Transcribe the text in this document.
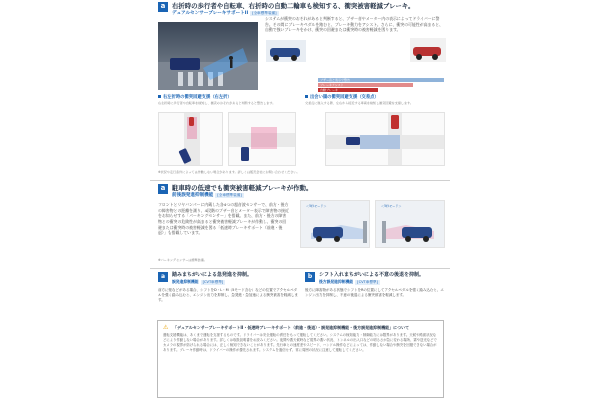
a	右折時の歩行者や自転車、右折時の自動二輪車も検知する、衝突被害軽減ブレーキ。
デュアルセンサーブレーキサポートII [全車標準装備]
システムが衝突のおそれがあると判断すると、ブザー音やメーター内の表示によってドライバーに警告。その間にブレーキペダルを踏むと、ブレーキ動力をアシスト。さらに、衝突の可能性が高まると、自動で強いブレーキをかけ、衝突の回避または衝突時の被害軽減を図ります。
ブザー音と表示で警告
ブレーキアシスト
自動ブレーキ
右左折時の衝突回避支援（右左折）
右左折時に歩行者や自転車を検知し、衝突のおそれがあると判断すると警告します。
出会い頭の衝突回避支援（交差点）
交差点に進入する際、左右から接近する車両を検知し衝突回避を支援します。
※状況や走行条件によっては作動しない場合があります。詳しくは販売会社にお問い合わせください。
a	駐車時の低速でも衝突被害軽減ブレーキが作動。
前後誤発進抑制機能 [全車標準装備]
フロントとリヤバンパーに内蔵した各4つの超音波センサーで、前方・後方の障害物との距離を測り、4段階のブザー音とメーター表示で障害物の接近をお知らせする「パーキングセンサー」を搭載。また、前方・後方の障害物との衝突の危険性が高まると衝突被害軽減ブレーキが作動し、衝突の回避または衝突時の被害軽減を図る「低速時ブレーキサポート（前進・後退）」も搭載しています。
※パーキングセンサーは標準装備。
＜5秒モード＞	＜5秒モード＞
a	踏みまちがいによる急発進を抑制。
誤発進抑制機能 [CVT車標準]
前方に壁などがある場合、シフトをD・L・M（5モード含む）などの位置でアクセルペダルを強く踏み込むと、エンジン出力を抑制し、急発進・急加速による衝突被害を軽減します。
b	シフト入れまちがいによる不意の後退を抑制。
後方誤発進抑制機能 [CVT車標準]
後方に障害物がある状態でシフトをRの位置にしてアクセルペダルを強く踏み込むと、エンジン出力を抑制し、不意の後退による衝突被害を軽減します。
⚠	「デュアルセンサーブレーキサポートII・低速時ブレーキサポート（前進・後退）・誤発進抑制機能・後方誤発進抑制機能」について
運転支援機能は、あくまで運転を支援するものです。ドライバーは安全運転の責任をもって運転してください。システムの検知能力・制御能力には限界があります。天候や路面状況などにより作動しない場合があります。詳しくは取扱説明書をお読みください。夜間や悪天候時など視界の悪い状況、トンネルの出入口などの明るさが急に変わる場所、霧や逆光などでカメラの視界が妨げられる場合には、正しく検知できないことがあります。先行車との速度差やスピード、ハンドル操作などによっては、作動しない場合や衝突を回避できない場合があります。ブレーキ作動時は、ドライバーの操作が優先されます。システムを過信せず、常に周囲の状況に注意して運転してください。
